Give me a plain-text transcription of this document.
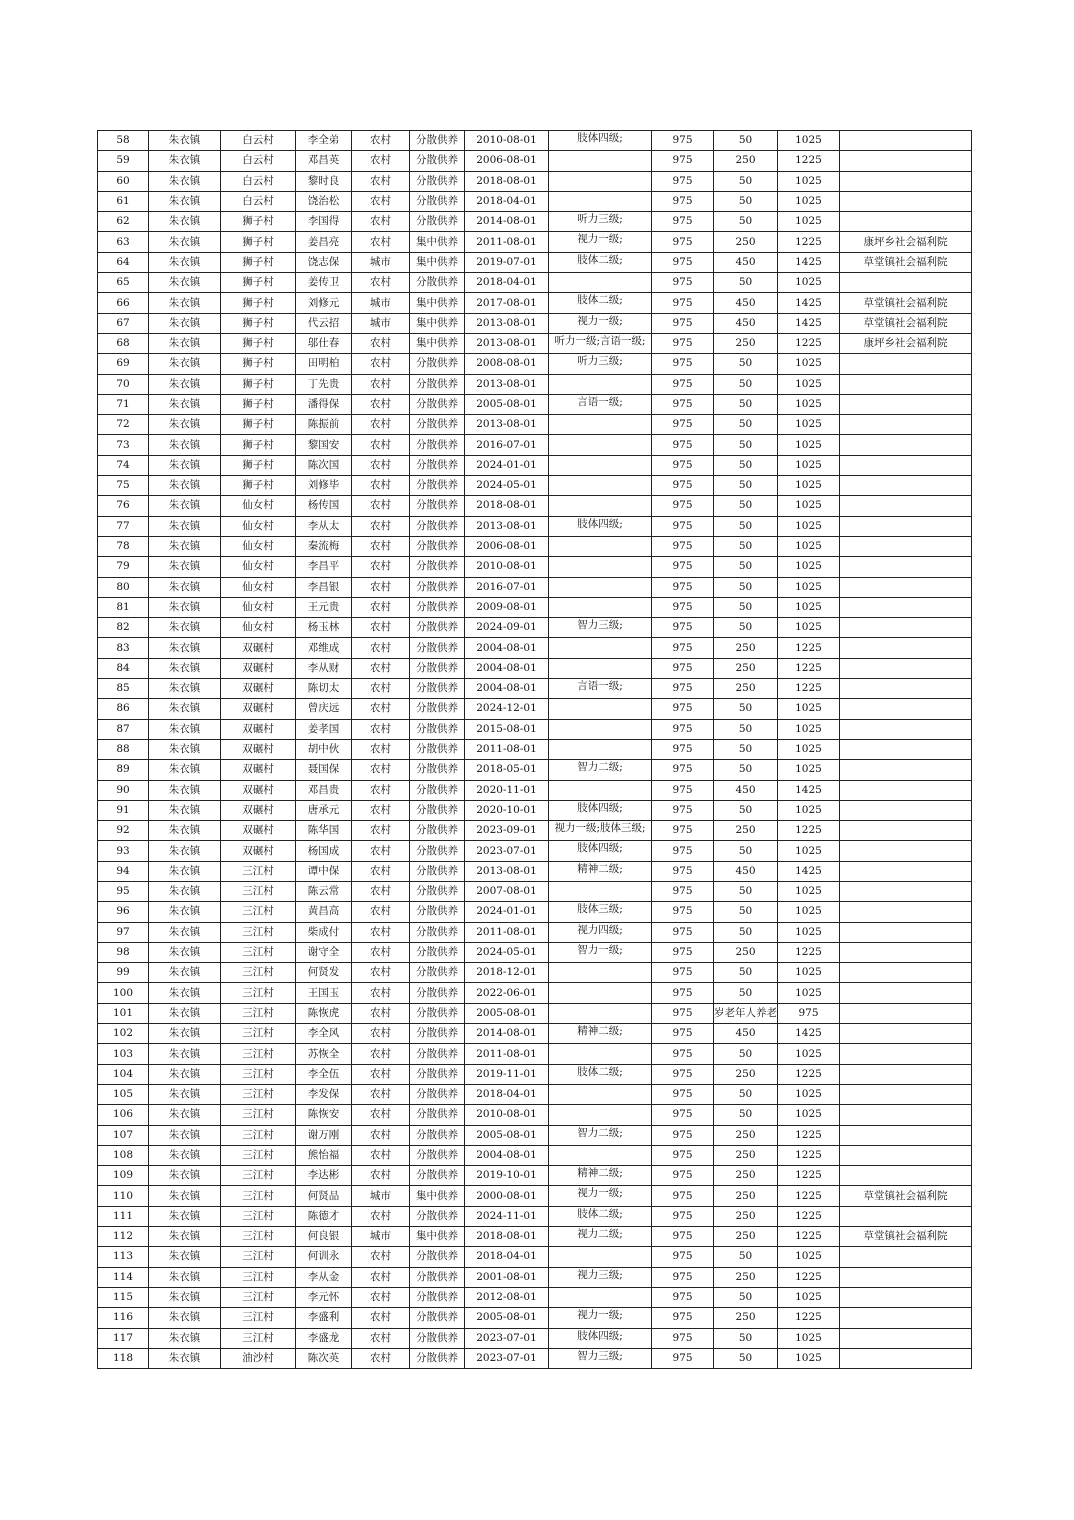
58	朱衣镇	白云村	李全弟	农村	分散供养	2010-08-01	肢体四级;	975	50	1025	
59	朱衣镇	白云村	邓昌英	农村	分散供养	2006-08-01		975	250	1225	
60	朱衣镇	白云村	黎时良	农村	分散供养	2018-08-01		975	50	1025	
61	朱衣镇	白云村	饶治松	农村	分散供养	2018-04-01		975	50	1025	
62	朱衣镇	狮子村	李国得	农村	分散供养	2014-08-01	听力三级;	975	50	1025	
63	朱衣镇	狮子村	姜昌亮	农村	集中供养	2011-08-01	视力一级;	975	250	1225	康坪乡社会福利院
64	朱衣镇	狮子村	饶志保	城市	集中供养	2019-07-01	肢体二级;	975	450	1425	草堂镇社会福利院
65	朱衣镇	狮子村	姜传卫	农村	分散供养	2018-04-01		975	50	1025	
66	朱衣镇	狮子村	刘修元	城市	集中供养	2017-08-01	肢体二级;	975	450	1425	草堂镇社会福利院
67	朱衣镇	狮子村	代云招	城市	集中供养	2013-08-01	视力一级;	975	450	1425	草堂镇社会福利院
68	朱衣镇	狮子村	邬仕春	农村	集中供养	2013-08-01	听力一级;言语一级;	975	250	1225	康坪乡社会福利院
69	朱衣镇	狮子村	田明柏	农村	分散供养	2008-08-01	听力三级;	975	50	1025	
70	朱衣镇	狮子村	丁先贵	农村	分散供养	2013-08-01		975	50	1025	
71	朱衣镇	狮子村	潘得保	农村	分散供养	2005-08-01	言语一级;	975	50	1025	
72	朱衣镇	狮子村	陈振前	农村	分散供养	2013-08-01		975	50	1025	
73	朱衣镇	狮子村	黎国安	农村	分散供养	2016-07-01		975	50	1025	
74	朱衣镇	狮子村	陈次国	农村	分散供养	2024-01-01		975	50	1025	
75	朱衣镇	狮子村	刘修毕	农村	分散供养	2024-05-01		975	50	1025	
76	朱衣镇	仙女村	杨传国	农村	分散供养	2018-08-01		975	50	1025	
77	朱衣镇	仙女村	李从太	农村	分散供养	2013-08-01	肢体四级;	975	50	1025	
78	朱衣镇	仙女村	秦流梅	农村	分散供养	2006-08-01		975	50	1025	
79	朱衣镇	仙女村	李昌平	农村	分散供养	2010-08-01		975	50	1025	
80	朱衣镇	仙女村	李昌银	农村	分散供养	2016-07-01		975	50	1025	
81	朱衣镇	仙女村	王元贵	农村	分散供养	2009-08-01		975	50	1025	
82	朱衣镇	仙女村	杨玉林	农村	分散供养	2024-09-01	智力三级;	975	50	1025	
83	朱衣镇	双碾村	邓维成	农村	分散供养	2004-08-01		975	250	1225	
84	朱衣镇	双碾村	李从财	农村	分散供养	2004-08-01		975	250	1225	
85	朱衣镇	双碾村	陈切太	农村	分散供养	2004-08-01	言语一级;	975	250	1225	
86	朱衣镇	双碾村	曾庆远	农村	分散供养	2024-12-01		975	50	1025	
87	朱衣镇	双碾村	姜孝国	农村	分散供养	2015-08-01		975	50	1025	
88	朱衣镇	双碾村	胡中伙	农村	分散供养	2011-08-01		975	50	1025	
89	朱衣镇	双碾村	聂国保	农村	分散供养	2018-05-01	智力二级;	975	50	1025	
90	朱衣镇	双碾村	邓昌贵	农村	分散供养	2020-11-01		975	450	1425	
91	朱衣镇	双碾村	唐承元	农村	分散供养	2020-10-01	肢体四级;	975	50	1025	
92	朱衣镇	双碾村	陈华国	农村	分散供养	2023-09-01	视力一级;肢体三级;	975	250	1225	
93	朱衣镇	双碾村	杨国成	农村	分散供养	2023-07-01	肢体四级;	975	50	1025	
94	朱衣镇	三江村	谭中保	农村	分散供养	2013-08-01	精神二级;	975	450	1425	
95	朱衣镇	三江村	陈云常	农村	分散供养	2007-08-01		975	50	1025	
96	朱衣镇	三江村	黄昌高	农村	分散供养	2024-01-01	肢体三级;	975	50	1025	
97	朱衣镇	三江村	柴成付	农村	分散供养	2011-08-01	视力四级;	975	50	1025	
98	朱衣镇	三江村	谢守全	农村	分散供养	2024-05-01	智力一级;	975	250	1225	
99	朱衣镇	三江村	何贤发	农村	分散供养	2018-12-01		975	50	1025	
100	朱衣镇	三江村	王国玉	农村	分散供养	2022-06-01		975	50	1025	
101	朱衣镇	三江村	陈恢虎	农村	分散供养	2005-08-01		975	岁老年人养老	975	
102	朱衣镇	三江村	李全风	农村	分散供养	2014-08-01	精神二级;	975	450	1425	
103	朱衣镇	三江村	苏恢全	农村	分散供养	2011-08-01		975	50	1025	
104	朱衣镇	三江村	李全伍	农村	分散供养	2019-11-01	肢体二级;	975	250	1225	
105	朱衣镇	三江村	李发保	农村	分散供养	2018-04-01		975	50	1025	
106	朱衣镇	三江村	陈恢安	农村	分散供养	2010-08-01		975	50	1025	
107	朱衣镇	三江村	谢万刚	农村	分散供养	2005-08-01	智力二级;	975	250	1225	
108	朱衣镇	三江村	熊怡福	农村	分散供养	2004-08-01		975	250	1225	
109	朱衣镇	三江村	李达彬	农村	分散供养	2019-10-01	精神二级;	975	250	1225	
110	朱衣镇	三江村	何贤品	城市	集中供养	2000-08-01	视力一级;	975	250	1225	草堂镇社会福利院
111	朱衣镇	三江村	陈德才	农村	分散供养	2024-11-01	肢体二级;	975	250	1225	
112	朱衣镇	三江村	何良银	城市	集中供养	2018-08-01	视力二级;	975	250	1225	草堂镇社会福利院
113	朱衣镇	三江村	何训永	农村	分散供养	2018-04-01		975	50	1025	
114	朱衣镇	三江村	李从金	农村	分散供养	2001-08-01	视力三级;	975	250	1225	
115	朱衣镇	三江村	李元怀	农村	分散供养	2012-08-01		975	50	1025	
116	朱衣镇	三江村	李盛利	农村	分散供养	2005-08-01	视力一级;	975	250	1225	
117	朱衣镇	三江村	李盛龙	农村	分散供养	2023-07-01	肢体四级;	975	50	1025	
118	朱衣镇	油沙村	陈次英	农村	分散供养	2023-07-01	智力三级;	975	50	1025	
